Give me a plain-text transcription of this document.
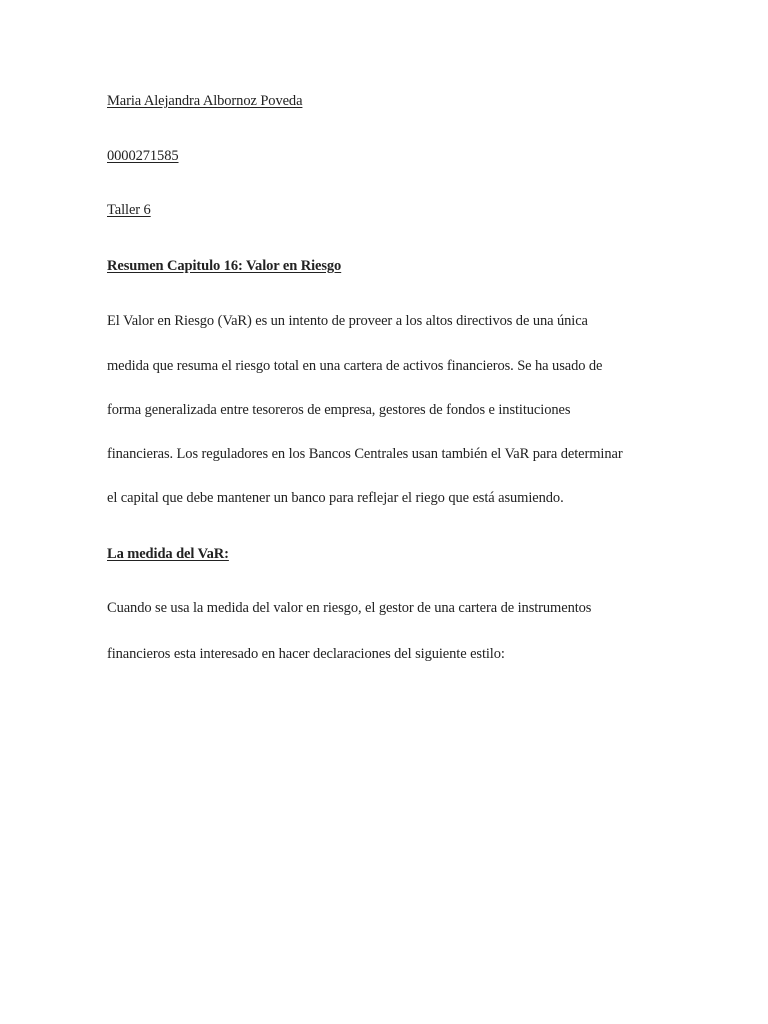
Maria Alejandra Albornoz Poveda
0000271585
Taller 6
Resumen Capitulo 16: Valor en Riesgo
El Valor en Riesgo (VaR) es un intento de proveer a los altos directivos de una única
medida que resuma el riesgo total en una cartera de activos financieros. Se ha usado de
forma generalizada entre tesoreros de empresa, gestores de fondos e instituciones
financieras. Los reguladores en los Bancos Centrales usan también el VaR para determinar
el capital que debe mantener un banco para reflejar el riego que está asumiendo.
La medida del VaR:
Cuando se usa la medida del valor en riesgo, el gestor de una cartera de instrumentos
financieros esta interesado en hacer declaraciones del siguiente estilo:
